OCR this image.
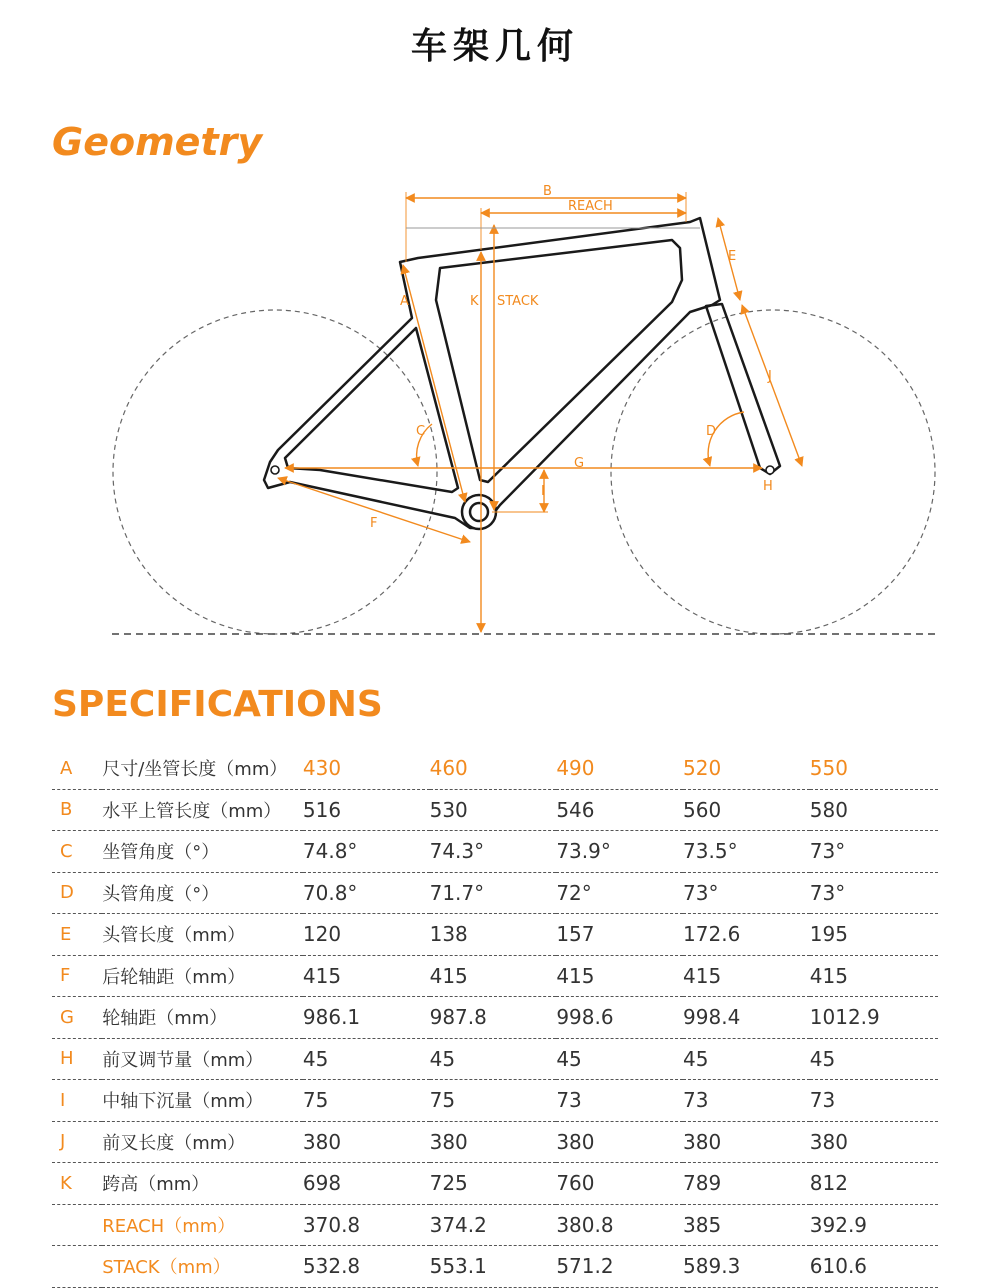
车架几何
Geometry
B
REACH
A	K STACK
E
J
C	D
G
I	H
F
SPECIFICATIONS
A	尺寸/坐管长度（mm）	430	460	490	520	550
B	水平上管长度（mm）	516	530	546	560	580
C	坐管角度（°）	74.8°	74.3°	73.9°	73.5°	73°
D	头管角度（°）	70.8°	71.7°	72°	73°	73°
E	头管长度（mm）	120	138	157	172.6	195
F	后轮轴距（mm）	415	415	415	415	415
G	轮轴距（mm）	986.1	987.8	998.6	998.4	1012.9
H	前叉调节量（mm）	45	45	45	45	45
I	中轴下沉量（mm）	75	75	73	73	73
J	前叉长度（mm）	380	380	380	380	380
K	跨高（mm）	698	725	760	789	812
	REACH（mm）	370.8	374.2	380.8	385	392.9
	STACK（mm）	532.8	553.1	571.2	589.3	610.6
